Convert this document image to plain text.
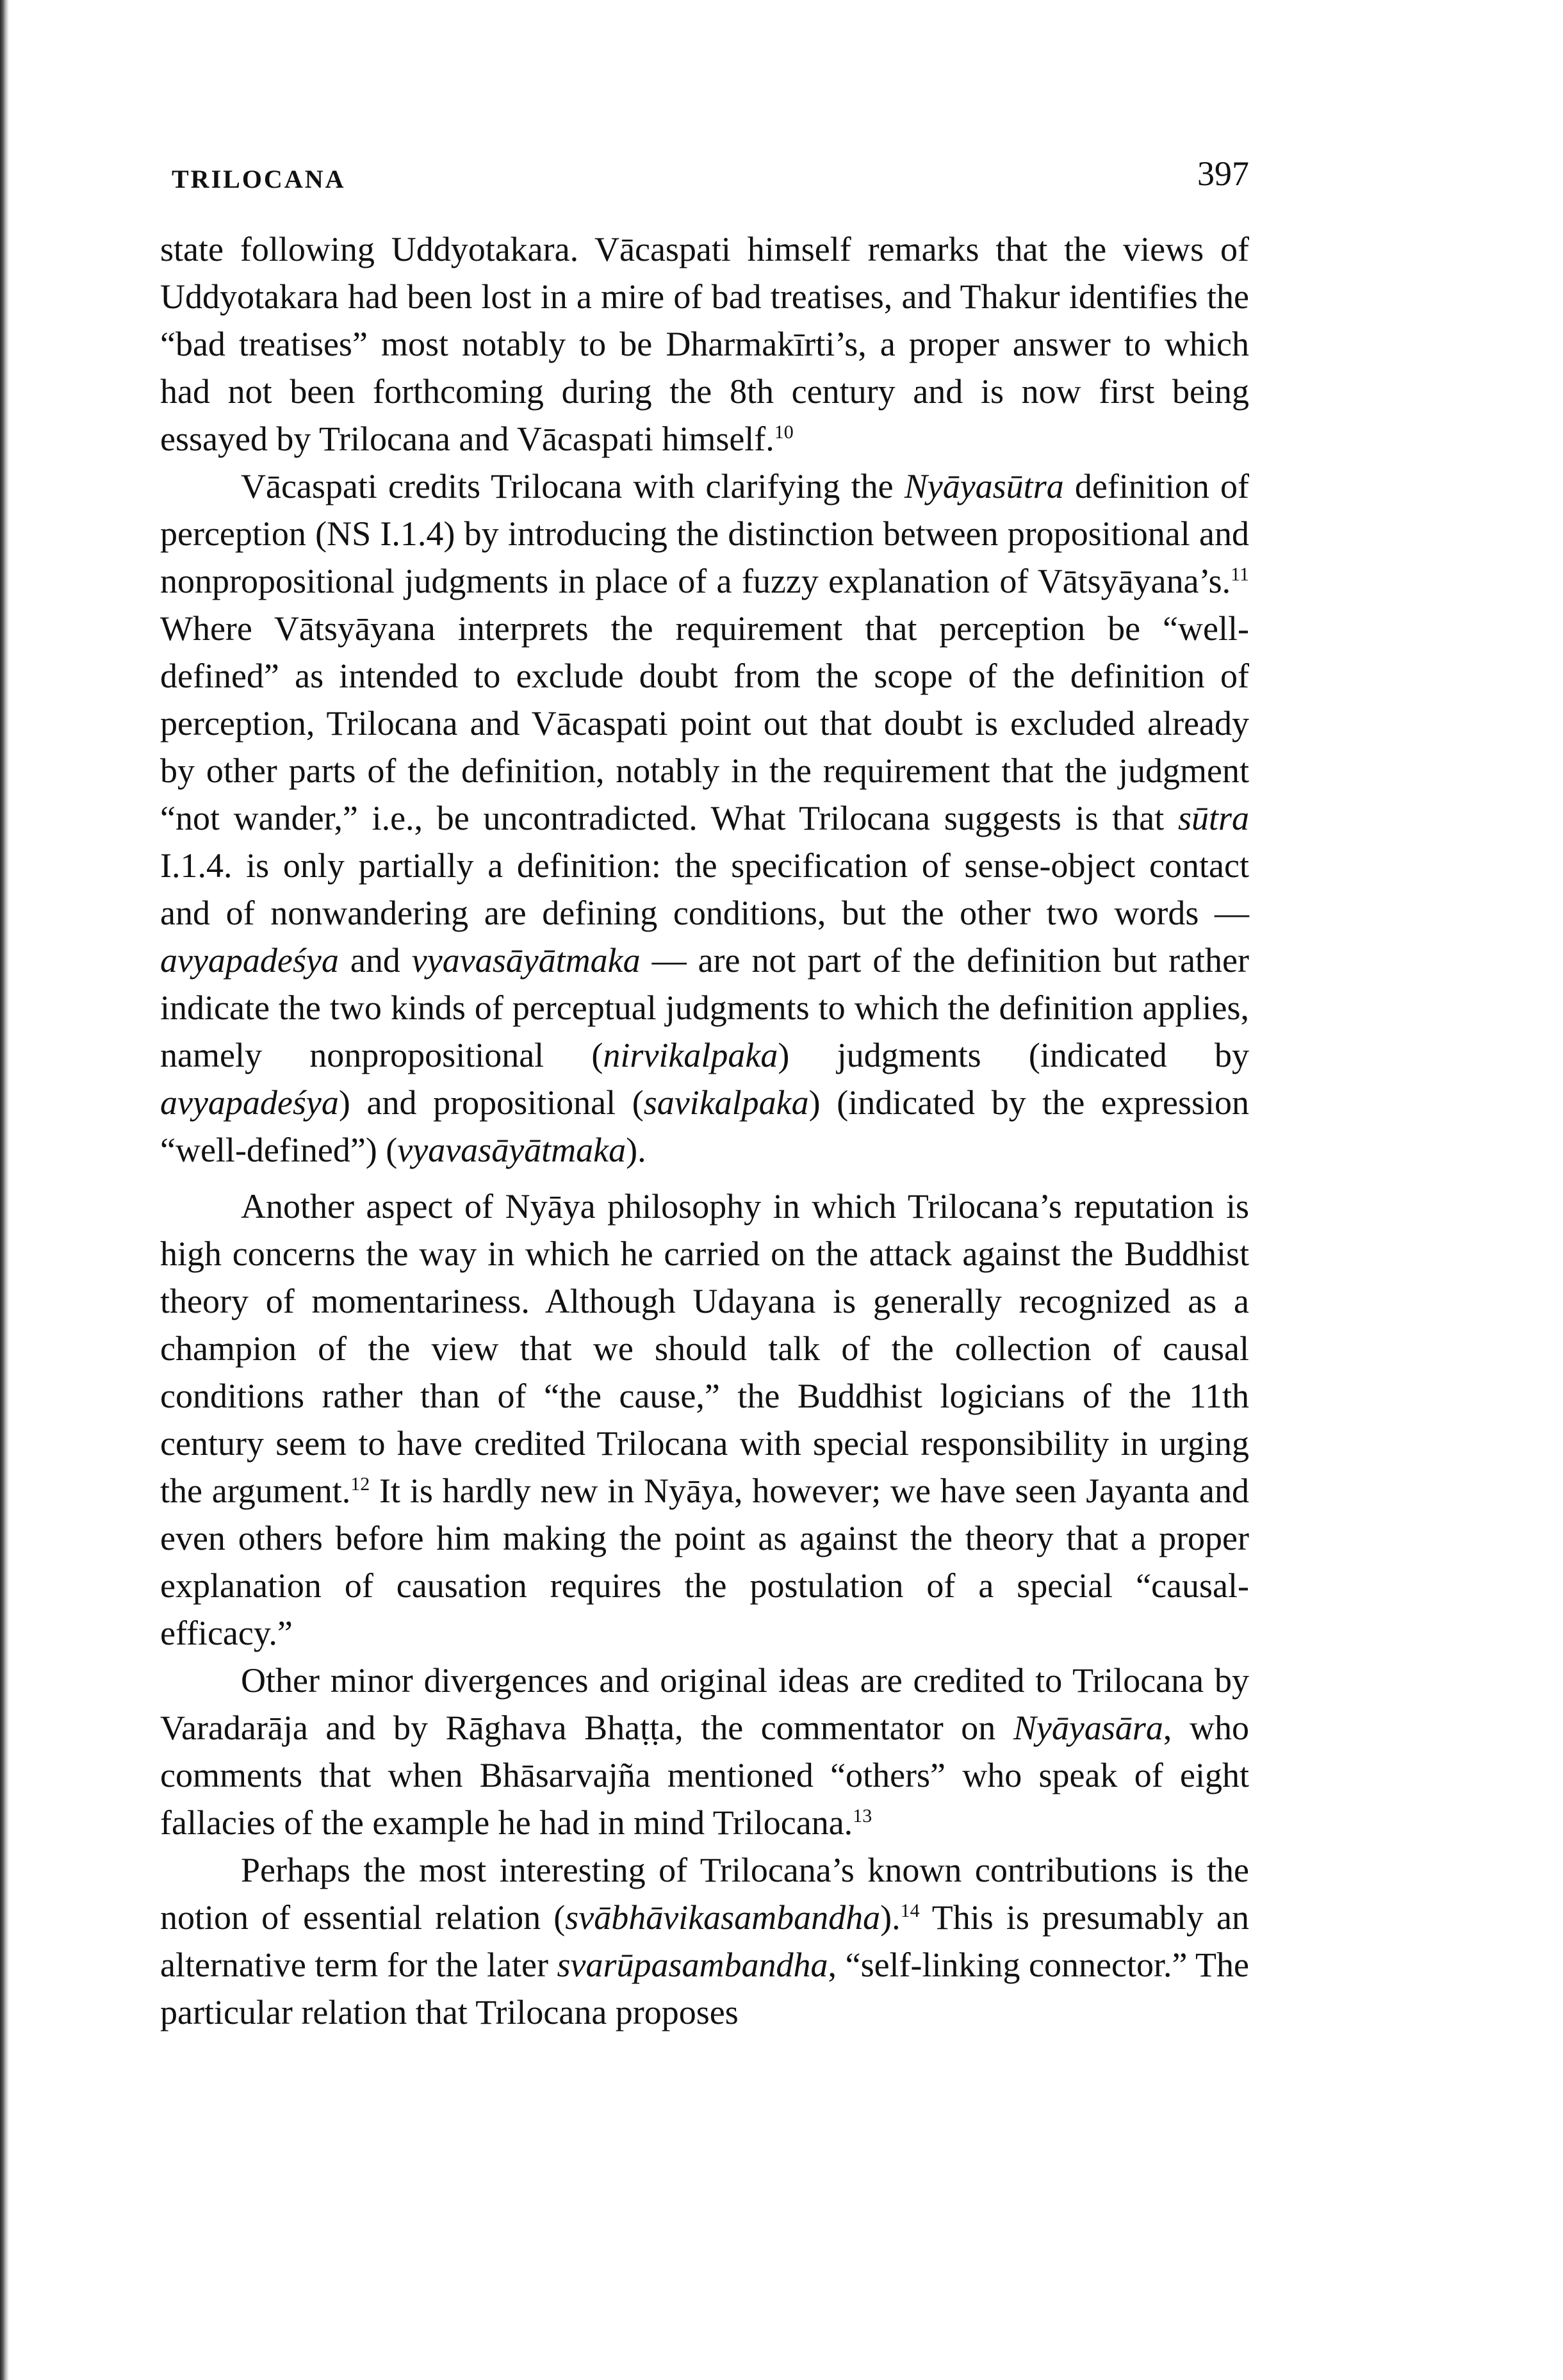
TRILOCANA	397

state following Uddyotakara. Vācaspati himself remarks that the views of Uddyotakara had been lost in a mire of bad treatises, and Thakur identifies the “bad treatises” most notably to be Dharmakīrti’s, a proper answer to which had not been forthcoming during the 8th century and is now first being essayed by Trilocana and Vācaspati himself.$^{10}$

Vācaspati credits Trilocana with clarifying the Nyāyasūtra definition of perception (NS I.1.4) by introducing the distinction between propositional and nonpropositional judgments in place of a fuzzy explanation of Vātsyāyana’s.$^{11}$ Where Vātsyāyana interprets the requirement that perception be “well-defined” as intended to exclude doubt from the scope of the definition of perception, Trilocana and Vācaspati point out that doubt is excluded already by other parts of the definition, notably in the requirement that the judgment “not wander,” i.e., be uncontradicted. What Trilocana suggests is that sūtra I.1.4. is only partially a definition: the specification of sense-object contact and of nonwandering are defining conditions, but the other two words —avyapadeśya and vyavasāyātmaka — are not part of the definition but rather indicate the two kinds of perceptual judgments to which the definition applies, namely nonpropositional (nirvikalpaka) judgments (indicated by avyapadeśya) and propositional (savikalpaka) (indicated by the expression “well-defined”) (vyavasāyātmaka).

Another aspect of Nyāya philosophy in which Trilocana’s reputation is high concerns the way in which he carried on the attack against the Buddhist theory of momentariness. Although Udayana is generally recognized as a champion of the view that we should talk of the collection of causal conditions rather than of “the cause,” the Buddhist logicians of the 11th century seem to have credited Trilocana with special responsibility in urging the argument.$^{12}$ It is hardly new in Nyāya, however; we have seen Jayanta and even others before him making the point as against the theory that a proper explanation of causation requires the postulation of a special “causal-efficacy.”

Other minor divergences and original ideas are credited to Trilocana by Varadarāja and by Rāghava Bhaṭṭa, the commentator on Nyāyasāra, who comments that when Bhāsarvajña mentioned “others” who speak of eight fallacies of the example he had in mind Trilocana.$^{13}$

Perhaps the most interesting of Trilocana’s known contributions is the notion of essential relation (svābhāvikasambandha).$^{14}$ This is presumably an alternative term for the later svarūpasambandha, “self-linking connector.” The particular relation that Trilocana proposes
